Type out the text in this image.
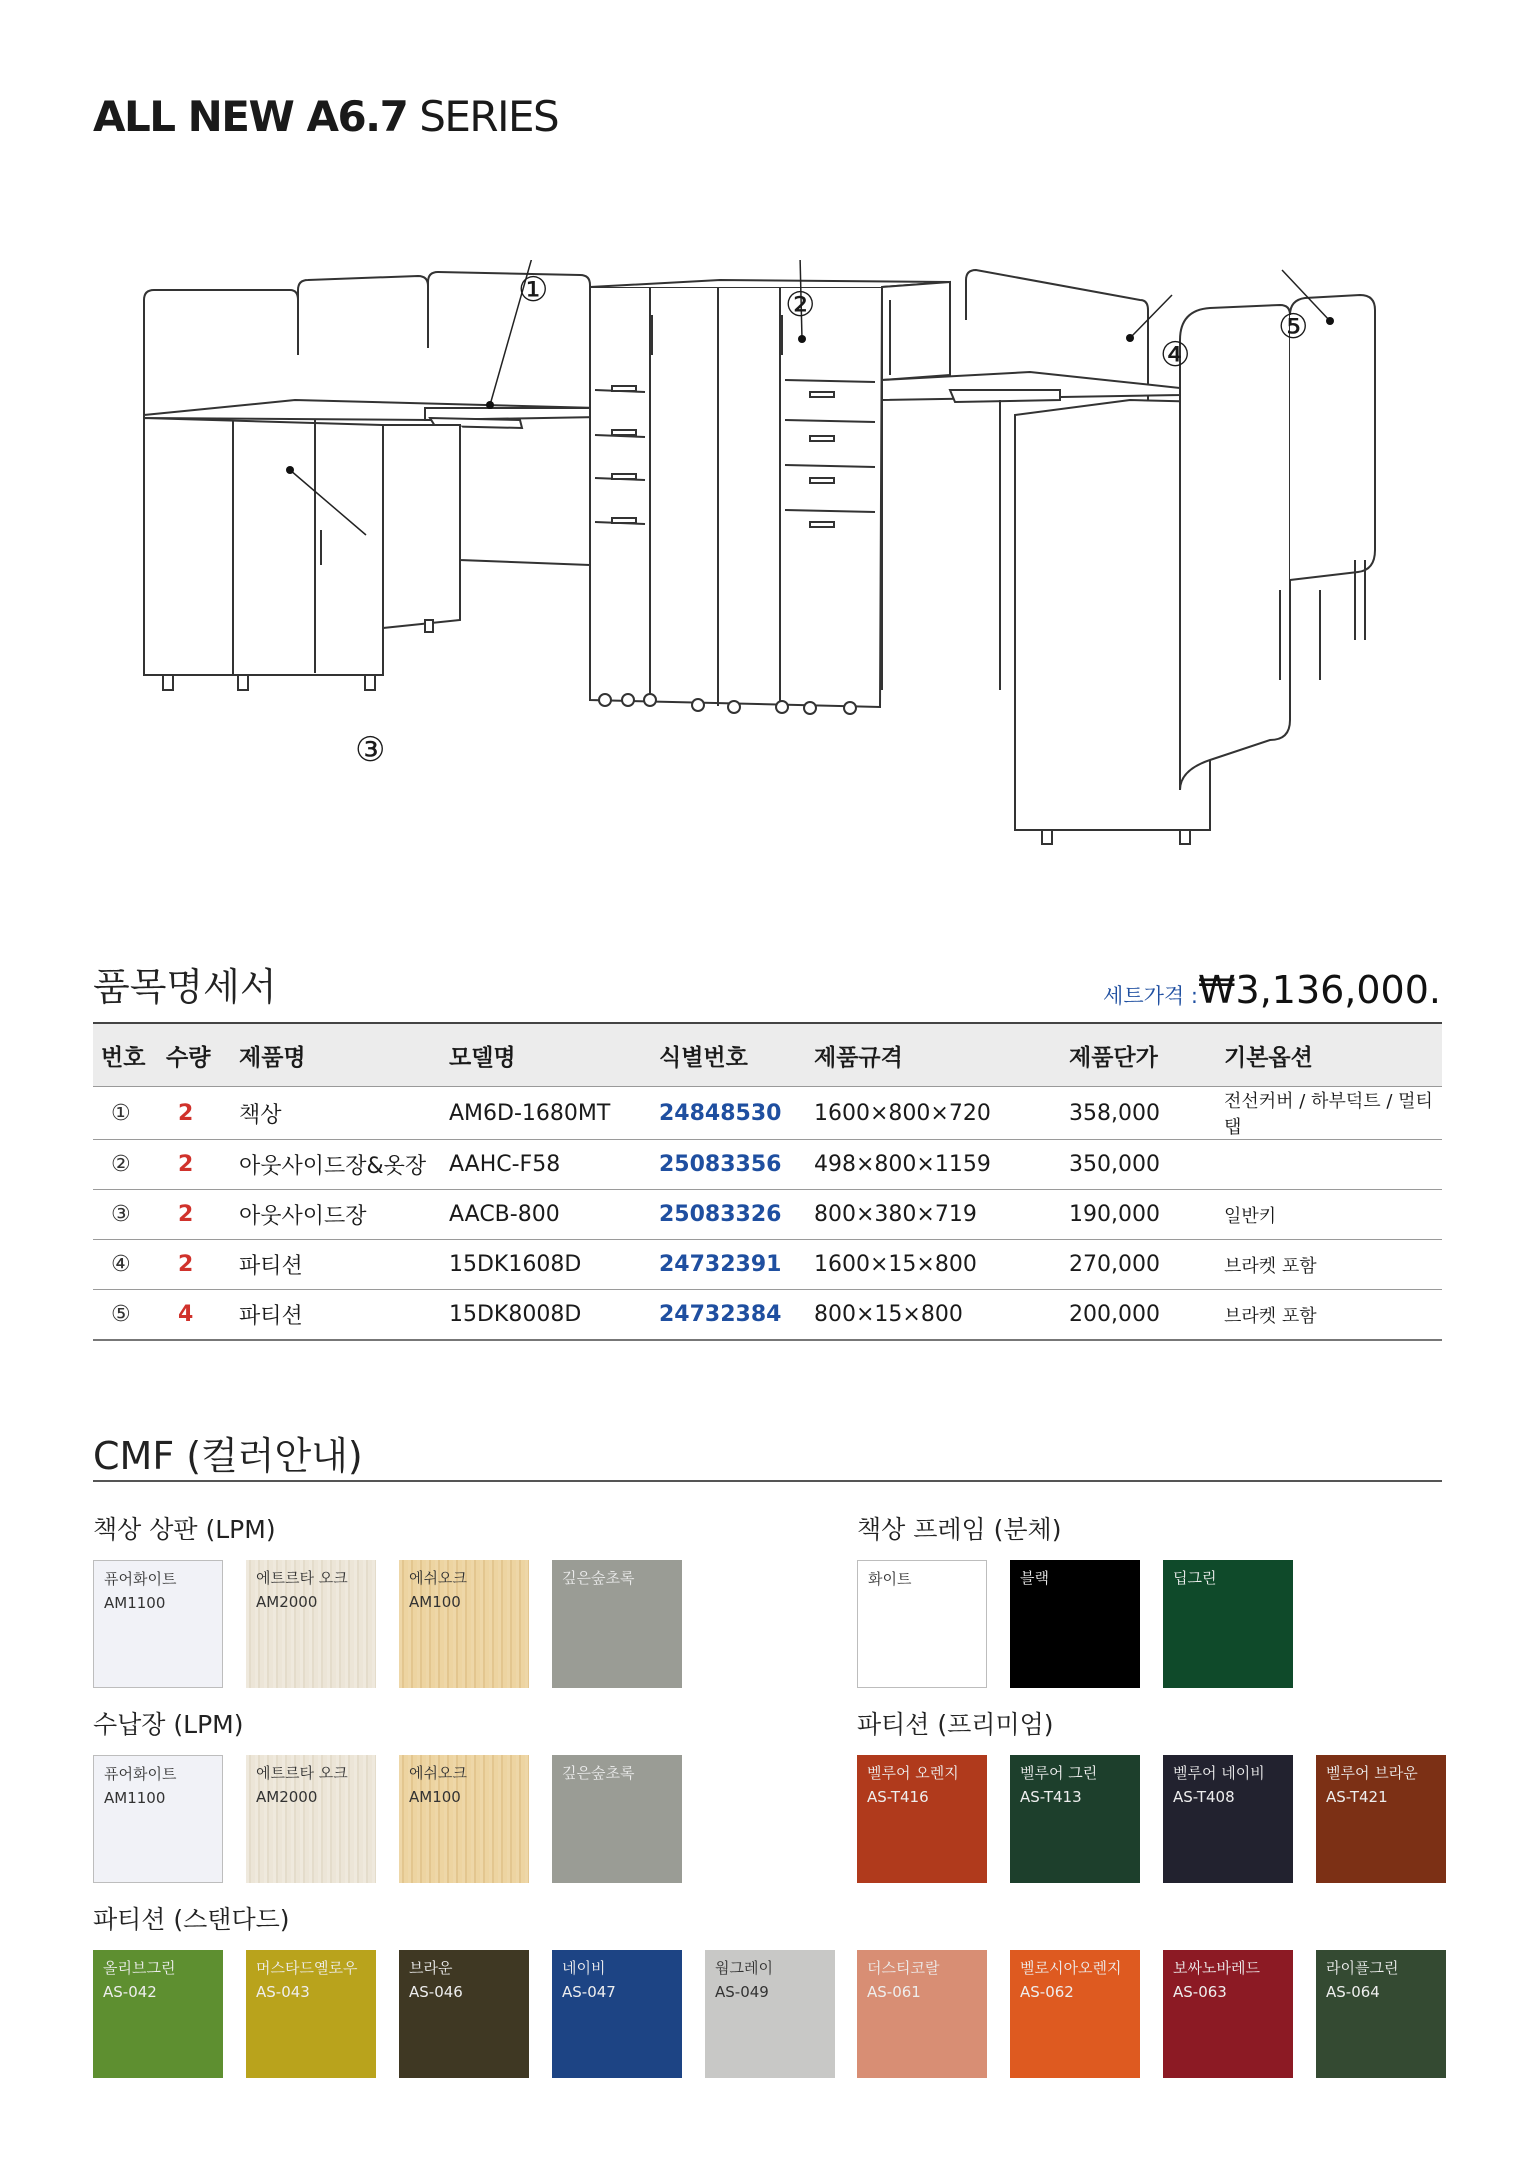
ALL NEW A6.7 SERIES
①	②
③
④
⑤
품목명세서	세트가격 :₩3,136,000.
번호	수량	제품명	모델명	식별번호	제품규격	제품단가	기본옵션
①	2	책상	AM6D-1680MT	24848530	1600×800×720	358,000	전선커버 / 하부덕트 / 멀티탭
②	2	아웃사이드장&옷장	AAHC-F58	25083356	498×800×1159	350,000	
③	2	아웃사이드장	AACB-800	25083326	800×380×719	190,000	일반키
④	2	파티션	15DK1608D	24732391	1600×15×800	270,000	브라켓 포함
⑤	4	파티션	15DK8008D	24732384	800×15×800	200,000	브라켓 포함
CMF (컬러안내)
책상 상판 (LPM)	책상 프레임 (분체)
수납장 (LPM)	파티션 (프리미엄)
파티션 (스탠다드)
퓨어화이트
AM1100
에트르타 오크
AM2000
에쉬오크
AM100
깊은숲초록	화이트	블랙	딥그린
퓨어화이트
AM1100
에트르타 오크
AM2000
에쉬오크
AM100
깊은숲초록	벨루어 오렌지
AS-T416
벨루어 그린
AS-T413
벨루어 네이비
AS-T408
벨루어 브라운
AS-T421
올리브그린
AS-042
머스타드옐로우
AS-043
브라운
AS-046
네이비
AS-047
웜그레이
AS-049
더스티코랄
AS-061
벨로시아오렌지
AS-062
보싸노바레드
AS-063
라이플그린
AS-064
